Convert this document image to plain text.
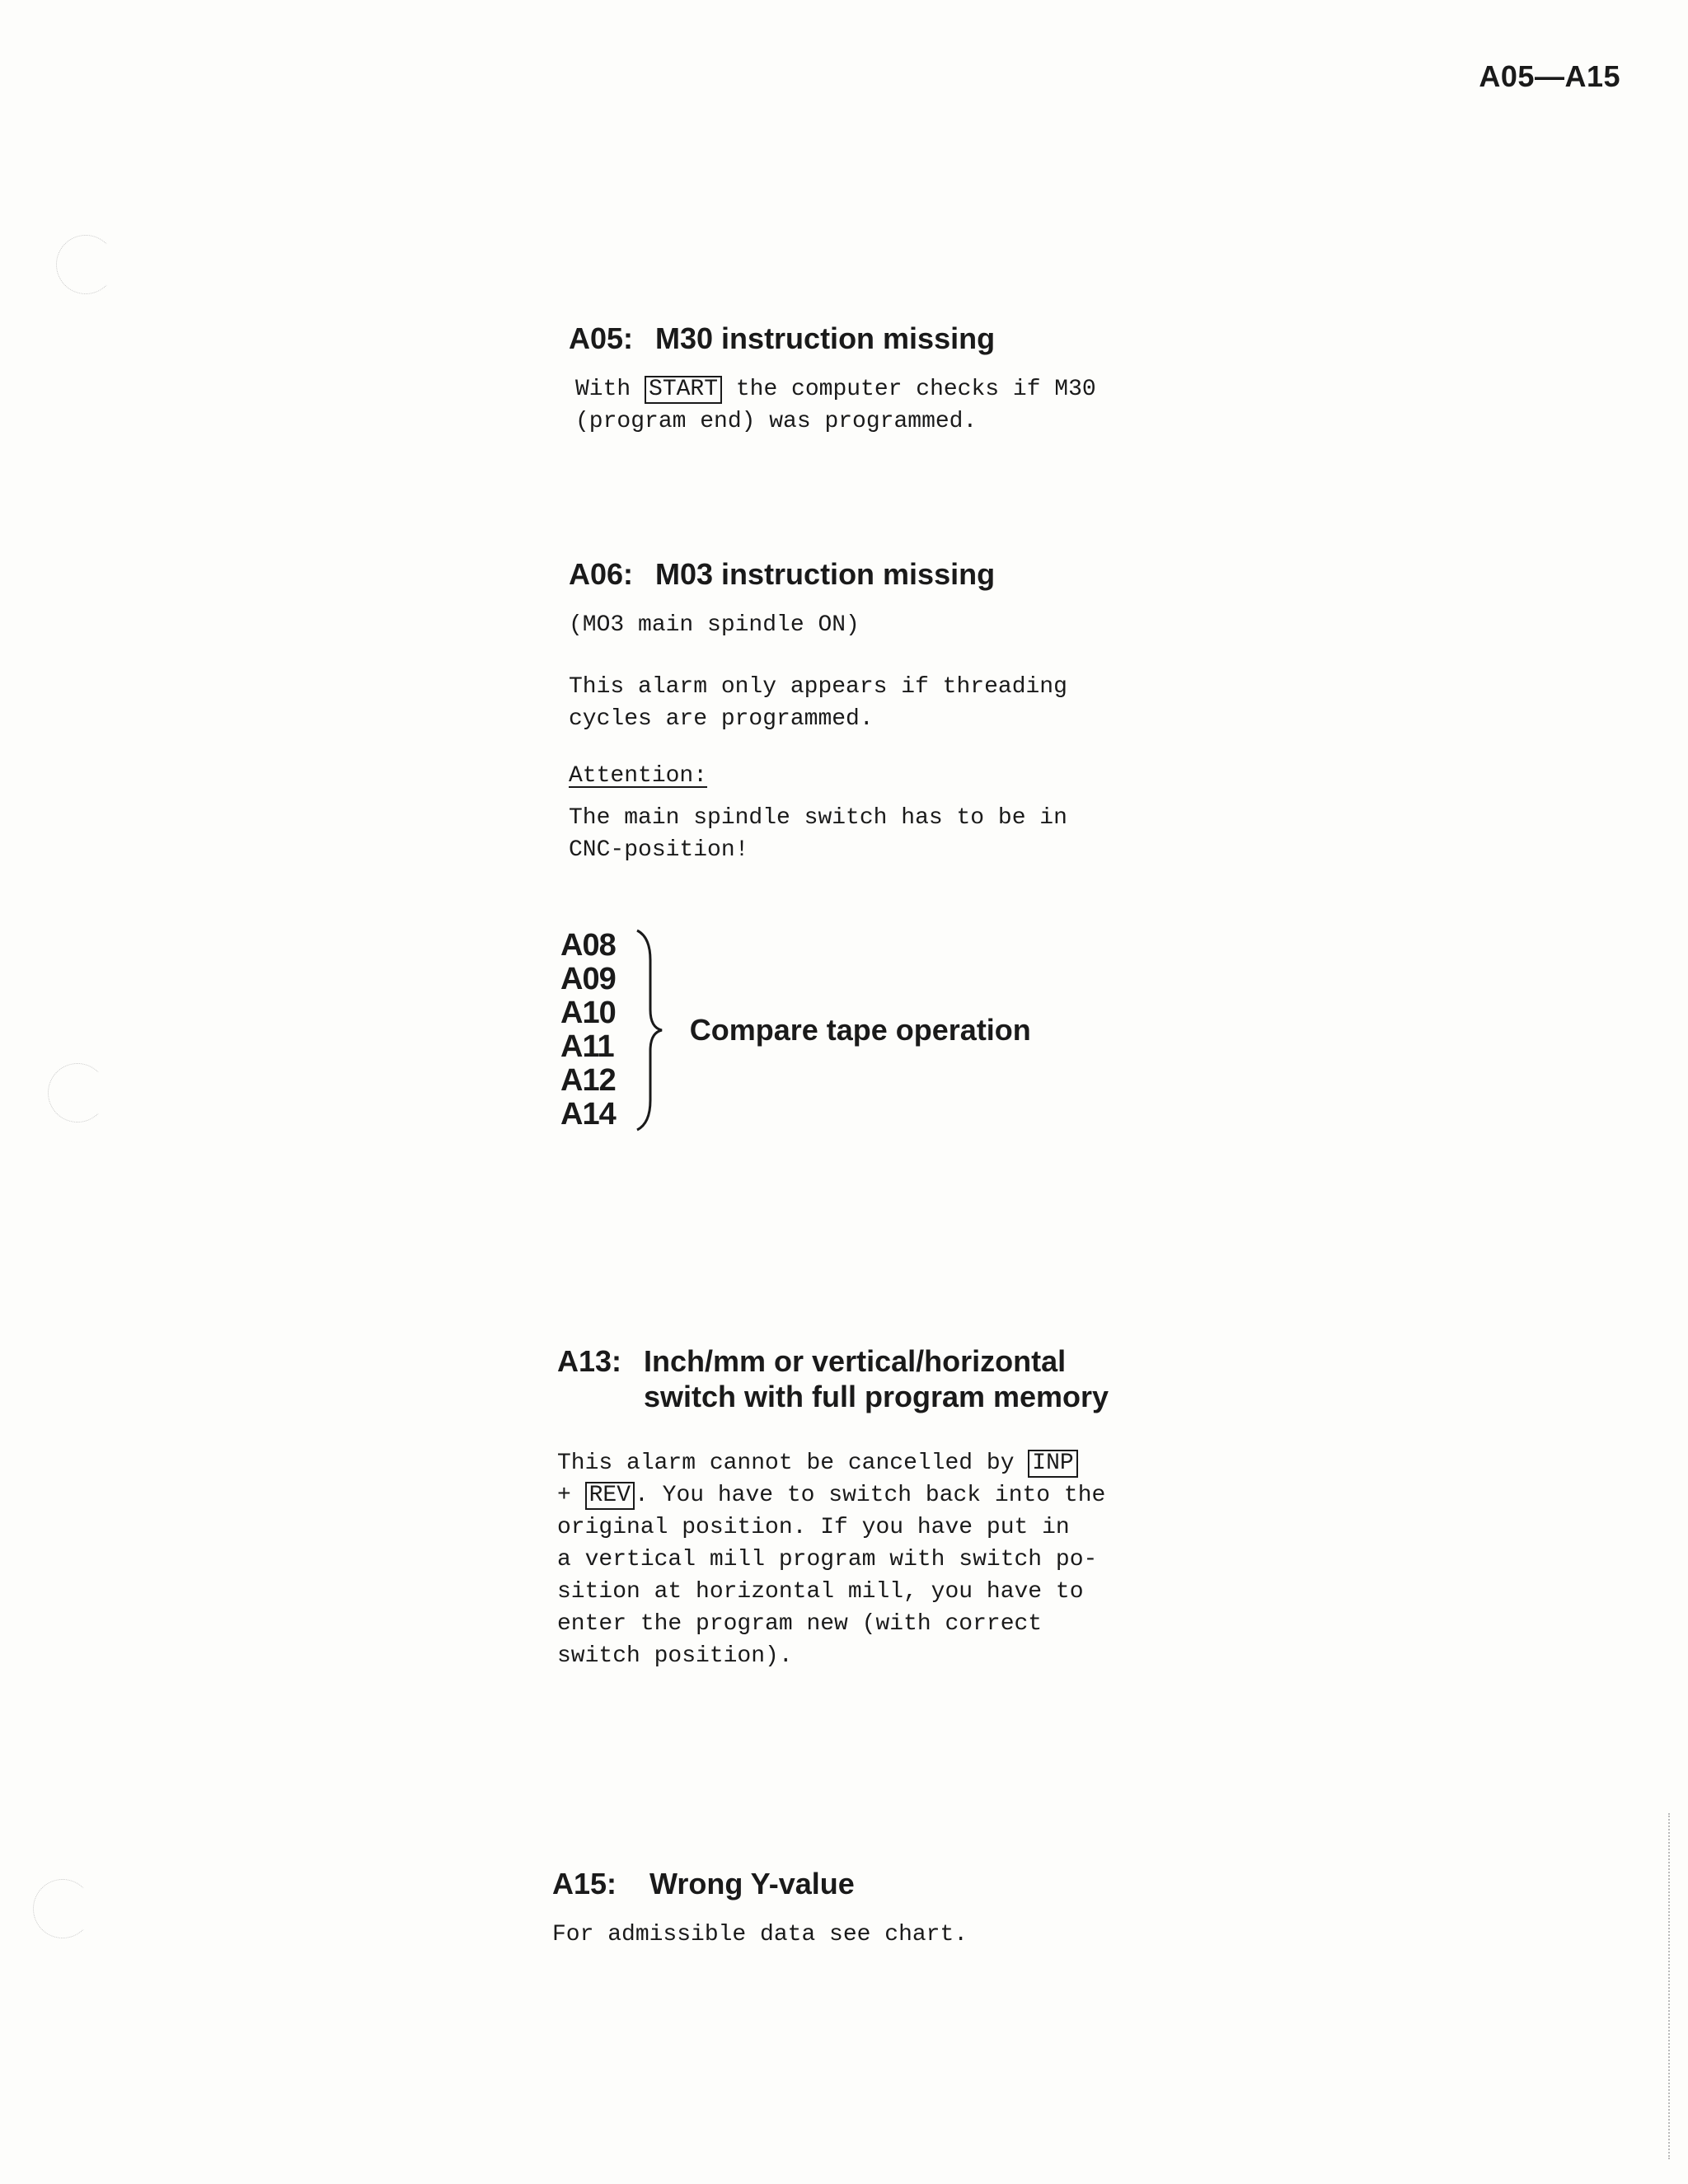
A05—A15
A05: M30 instruction missing
With START the computer checks if M30
(program end) was programmed.
A06: M03 instruction missing
(MO3 main spindle ON)
This alarm only appears if threading
cycles are programmed.
Attention:
The main spindle switch has to be in
CNC-position!
A08
A09
A10
A11
A12
A14
Compare tape operation
A13: Inch/mm or vertical/horizontal
switch with full program memory
This alarm cannot be cancelled by INP
+ REV . You have to switch back into the
original position. If you have put in
a vertical mill program with switch po-
sition at horizontal mill, you have to
enter the program new (with correct
switch position).
A15: Wrong Y-value
For admissible data see chart.
